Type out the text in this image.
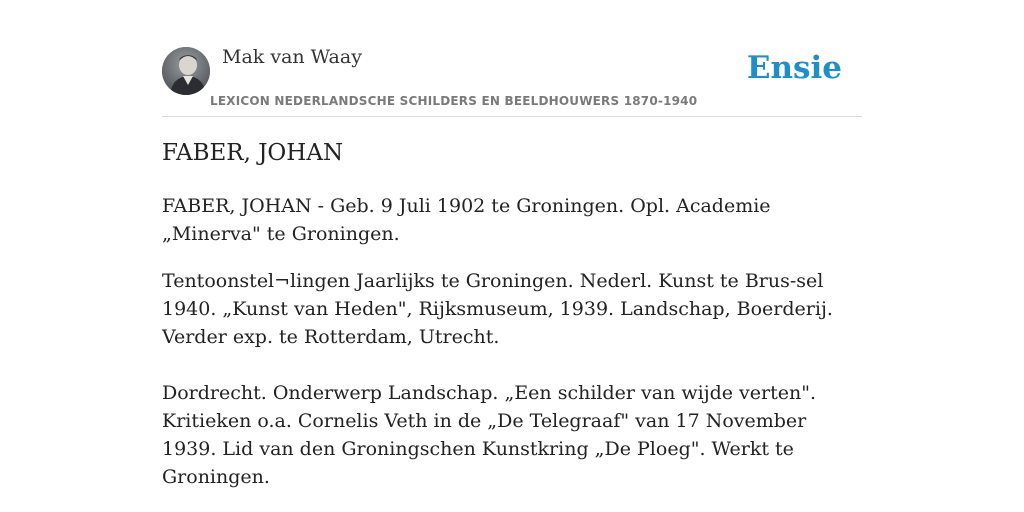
Mak van Waay
LEXICON NEDERLANDSCHE SCHILDERS EN BEELDHOUWERS 1870-1940
Ensie
FABER, JOHAN

FABER, JOHAN - Geb. 9 Juli 1902 te Groningen. Opl. Academie „Minerva" te Groningen.

Tentoonstel¬lingen Jaarlijks te Groningen. Nederl. Kunst te Brus-sel 1940. „Kunst van Heden", Rijksmuseum, 1939. Landschap, Boerderij. Verder exp. te Rotterdam, Utrecht.

Dordrecht. Onderwerp Landschap. „Een schilder van wijde verten". Kritieken o.a. Cornelis Veth in de „De Telegraaf" van 17 November 1939. Lid van den Groningschen Kunstkring „De Ploeg". Werkt te Groningen.
